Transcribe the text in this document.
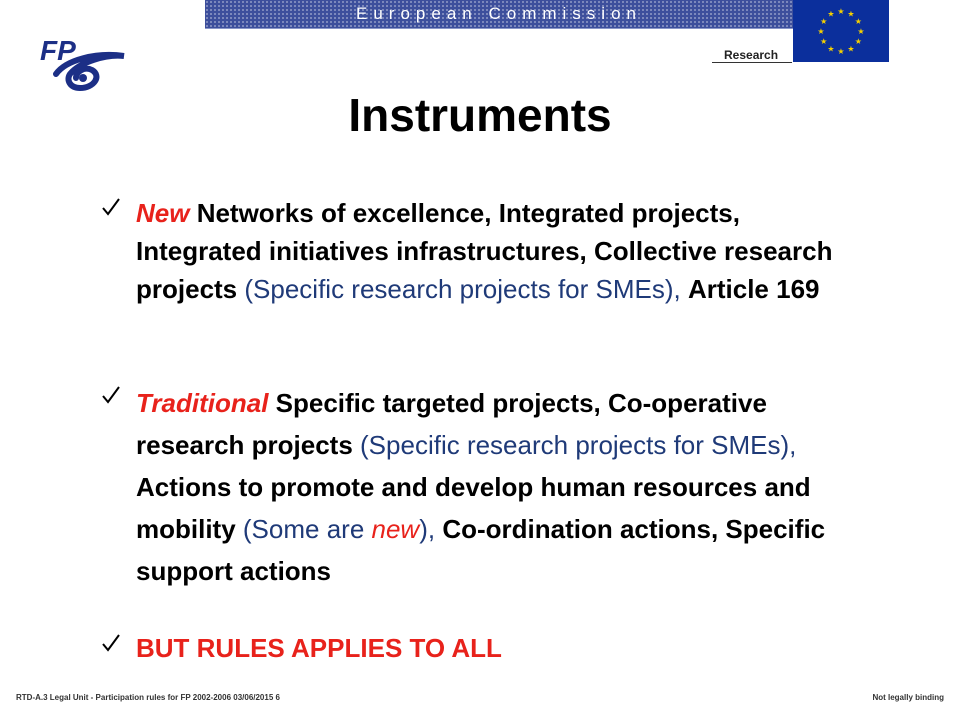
European Commission
Research
★ ★
★
★
★
★
★
★
★
★
★
★
FP
Instruments
New Networks of excellence, Integrated projects, Integrated initiatives infrastructures, Collective research projects (Specific research projects for SMEs), Article 169
Traditional Specific targeted projects, Co-operative research projects (Specific research projects for SMEs), Actions to promote and develop human resources and mobility (Some are new), Co-ordination actions, Specific support actions
BUT RULES APPLIES TO ALL
RTD-A.3 Legal Unit - Participation rules for FP 2002-2006 03/06/2015 6	Not legally binding
